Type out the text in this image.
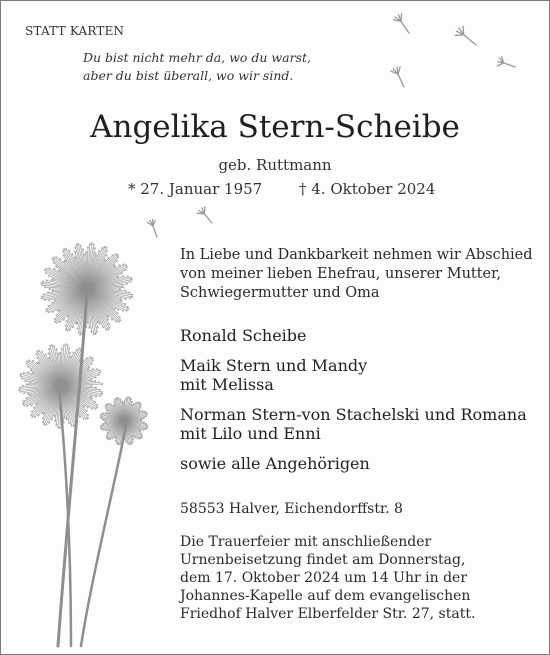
STATT KARTEN
Du bist nicht mehr da, wo du warst,
aber du bist überall, wo wir sind.
Angelika Stern-Scheibe
geb. Ruttmann
* 27. Januar 1957 † 4. Oktober 2024
In Liebe und Dankbarkeit nehmen wir Abschied
von meiner lieben Ehefrau, unserer Mutter,
Schwiegermutter und Oma
Ronald Scheibe
Maik Stern und Mandy
mit Melissa
Norman Stern-von Stachelski und Romana
mit Lilo und Enni
sowie alle Angehörigen
58553 Halver, Eichendorffstr. 8
Die Trauerfeier mit anschließender
Urnenbeisetzung findet am Donnerstag,
dem 17. Oktober 2024 um 14 Uhr in der
Johannes-Kapelle auf dem evangelischen
Friedhof Halver Elberfelder Str. 27, statt.
